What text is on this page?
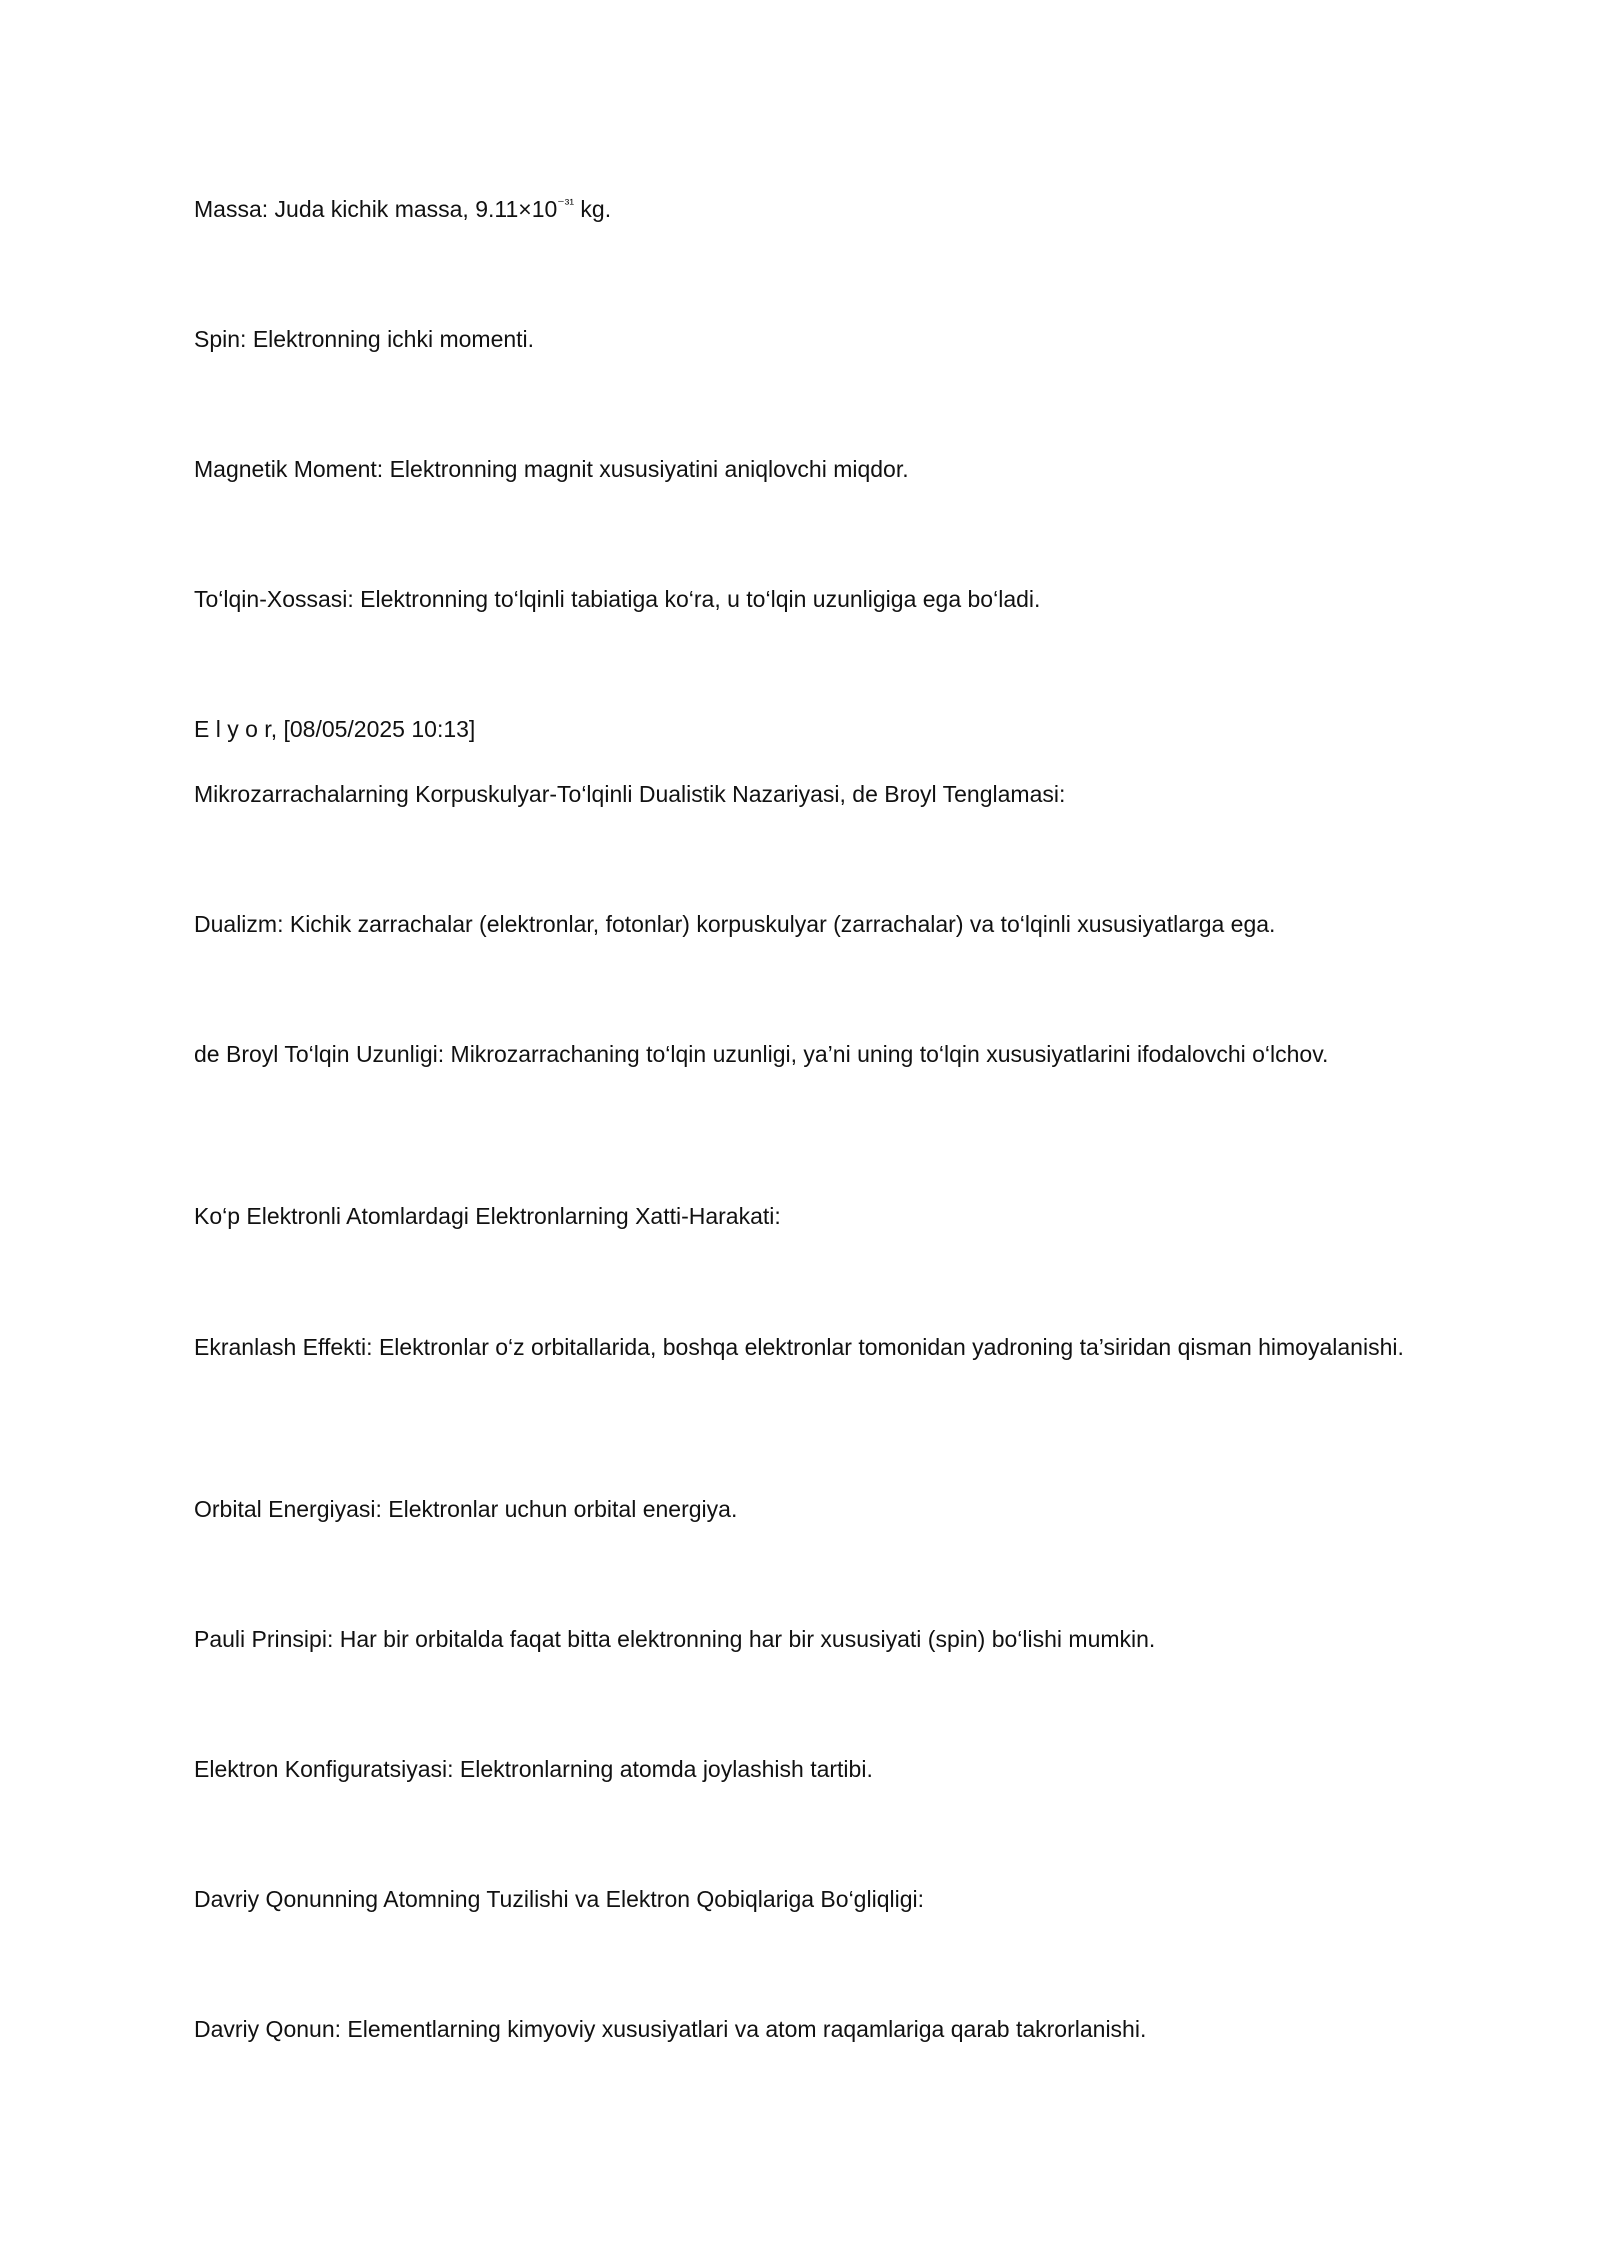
Massa: Juda kichik massa, $9.11\times 10^{^{-31}}$ kg.

Spin: Elektronning ichki momenti.

Magnetik Moment: Elektronning magnit xususiyatini aniqlovchi miqdor.

To‘lqin-Xossasi: Elektronning to‘lqinli tabiatiga ko‘ra, u to‘lqin uzunligiga ega bo‘ladi.

E l y o r, [08/05/2025 10:13]

Mikrozarrachalarning Korpuskulyar-To‘lqinli Dualistik Nazariyasi, de Broyl Tenglamasi:

Dualizm: Kichik zarrachalar (elektronlar, fotonlar) korpuskulyar (zarrachalar) va to‘lqinli xususiyatlarga ega.

de Broyl To‘lqin Uzunligi: Mikrozarrachaning to‘lqin uzunligi, ya’ni uning to‘lqin xususiyatlarini ifodalovchi o‘lchov.

Ko‘p Elektronli Atomlardagi Elektronlarning Xatti-Harakati:

Ekranlash Effekti: Elektronlar o‘z orbitallarida, boshqa elektronlar tomonidan yadroning ta’siridan qisman himoyalanishi.

Orbital Energiyasi: Elektronlar uchun orbital energiya.

Pauli Prinsipi: Har bir orbitalda faqat bitta elektronning har bir xususiyati (spin) bo‘lishi mumkin.

Elektron Konfiguratsiyasi: Elektronlarning atomda joylashish tartibi.

Davriy Qonunning Atomning Tuzilishi va Elektron Qobiqlariga Bo‘gliqligi:

Davriy Qonun: Elementlarning kimyoviy xususiyatlari va atom raqamlariga qarab takrorlanishi.
